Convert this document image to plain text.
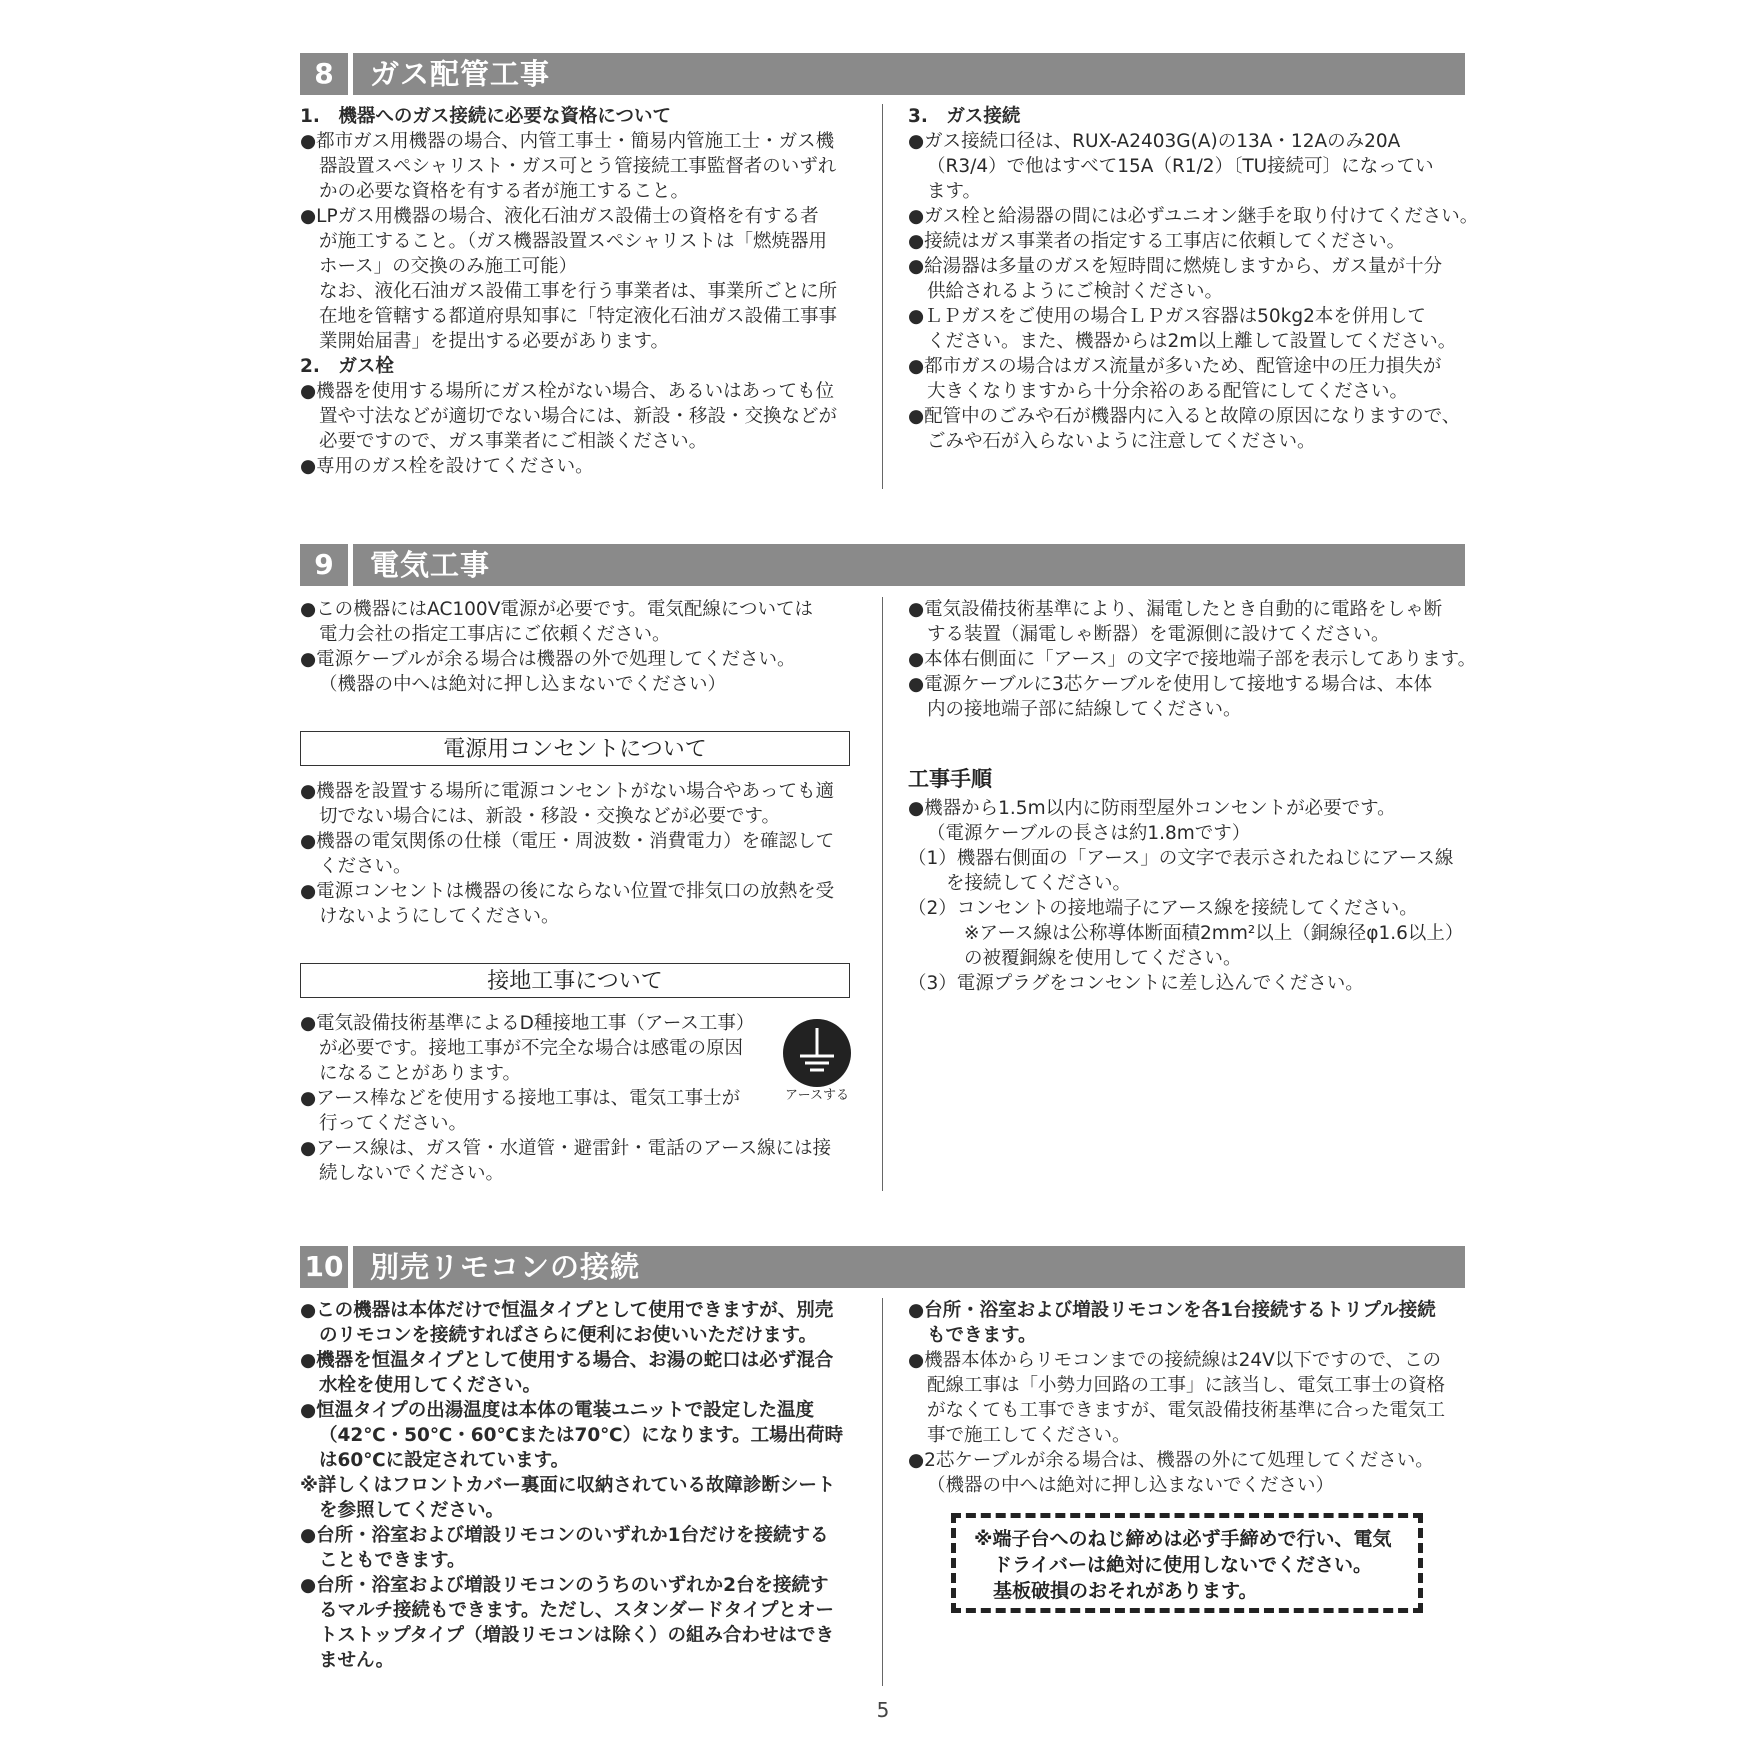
8	ガス配管工事
1.　機器へのガス接続に必要な資格について
●都市ガス用機器の場合、内管工事士・簡易内管施工士・ガス機
器設置スペシャリスト・ガス可とう管接続工事監督者のいずれ
かの必要な資格を有する者が施工すること。
●LPガス用機器の場合、液化石油ガス設備士の資格を有する者
が施工すること。（ガス機器設置スペシャリストは「燃焼器用
ホース」の交換のみ施工可能）
なお、液化石油ガス設備工事を行う事業者は、事業所ごとに所
在地を管轄する都道府県知事に「特定液化石油ガス設備工事事
業開始届書」を提出する必要があります。
2.　ガス栓
●機器を使用する場所にガス栓がない場合、あるいはあっても位
置や寸法などが適切でない場合には、新設・移設・交換などが
必要ですので、ガス事業者にご相談ください。
●専用のガス栓を設けてください。
3.　ガス接続
●ガス接続口径は、RUX-A2403G(A)の13A・12Aのみ20A
（R3/4）で他はすべて15A（R1/2）〔TU接続可〕になってい
ます。
●ガス栓と給湯器の間には必ずユニオン継手を取り付けてください。
●接続はガス事業者の指定する工事店に依頼してください。
●給湯器は多量のガスを短時間に燃焼しますから、ガス量が十分
供給されるようにご検討ください。
●ＬＰガスをご使用の場合ＬＰガス容器は50kg2本を併用して
ください。また、機器からは2m以上離して設置してください。
●都市ガスの場合はガス流量が多いため、配管途中の圧力損失が
大きくなりますから十分余裕のある配管にしてください。
●配管中のごみや石が機器内に入ると故障の原因になりますので、
ごみや石が入らないように注意してください。
9	電気工事
●この機器にはAC100V電源が必要です。電気配線については
電力会社の指定工事店にご依頼ください。
●電源ケーブルが余る場合は機器の外で処理してください。
（機器の中へは絶対に押し込まないでください）
電源用コンセントについて
●機器を設置する場所に電源コンセントがない場合やあっても適
切でない場合には、新設・移設・交換などが必要です。
●機器の電気関係の仕様（電圧・周波数・消費電力）を確認して
ください。
●電源コンセントは機器の後にならない位置で排気口の放熱を受
けないようにしてください。
接地工事について
●電気設備技術基準によるD種接地工事（アース工事）
が必要です。接地工事が不完全な場合は感電の原因
になることがあります。
●アース棒などを使用する接地工事は、電気工事士が
行ってください。
●アース線は、ガス管・水道管・避雷針・電話のアース線には接
続しないでください。
アースする
●電気設備技術基準により、漏電したとき自動的に電路をしゃ断
する装置（漏電しゃ断器）を電源側に設けてください。
●本体右側面に「アース」の文字で接地端子部を表示してあります。
●電源ケーブルに3芯ケーブルを使用して接地する場合は、本体
内の接地端子部に結線してください。
工事手順
●機器から1.5m以内に防雨型屋外コンセントが必要です。
（電源ケーブルの長さは約1.8mです）
（1）機器右側面の「アース」の文字で表示されたねじにアース線
を接続してください。
（2）コンセントの接地端子にアース線を接続してください。
※アース線は公称導体断面積2mm²以上（銅線径φ1.6以上）
の被覆銅線を使用してください。
（3）電源プラグをコンセントに差し込んでください。
10 別売リモコンの接続
●この機器は本体だけで恒温タイプとして使用できますが、別売
のリモコンを接続すればさらに便利にお使いいただけます。
●機器を恒温タイプとして使用する場合、お湯の蛇口は必ず混合
水栓を使用してください。
●恒温タイプの出湯温度は本体の電装ユニットで設定した温度
（42℃・50℃・60℃または70℃）になります。工場出荷時
は60℃に設定されています。
※詳しくはフロントカバー裏面に収納されている故障診断シート
を参照してください。
●台所・浴室および増設リモコンのいずれか1台だけを接続する
こともできます。
●台所・浴室および増設リモコンのうちのいずれか2台を接続す
るマルチ接続もできます。ただし、スタンダードタイプとオー
トストップタイプ（増設リモコンは除く）の組み合わせはでき
ません。
●台所・浴室および増設リモコンを各1台接続するトリプル接続
もできます。
●機器本体からリモコンまでの接続線は24V以下ですので、この
配線工事は「小勢力回路の工事」に該当し、電気工事士の資格
がなくても工事できますが、電気設備技術基準に合った電気工
事で施工してください。
●2芯ケーブルが余る場合は、機器の外にて処理してください。
（機器の中へは絶対に押し込まないでください）
※端子台へのねじ締めは必ず手締めで行い、電気
ドライバーは絶対に使用しないでください。
基板破損のおそれがあります。
5
